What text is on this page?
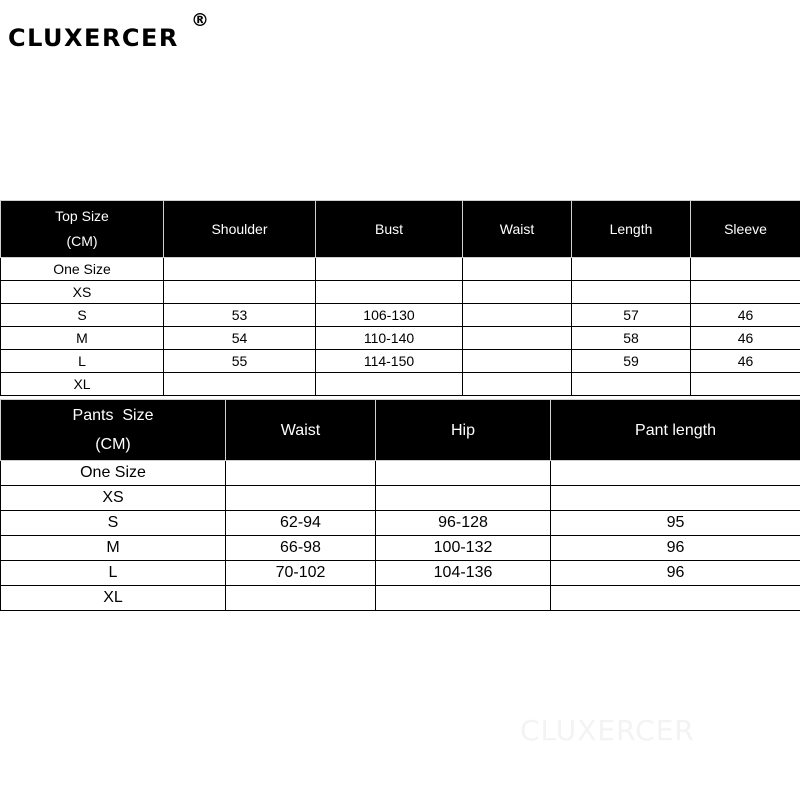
CLUXERCER
®
Top Size
(CM)	Shoulder	Bust	Waist	Length	Sleeve
One Size					
XS					
S	53	106-130		57	46
M	54	110-140		58	46
L	55	114-150		59	46
XL					
Pants  Size
(CM)	Waist	Hip	Pant length
One Size			
XS			
S	62-94	96-128	95
M	66-98	100-132	96
L	70-102	104-136	96
XL			
CLUXERCER
